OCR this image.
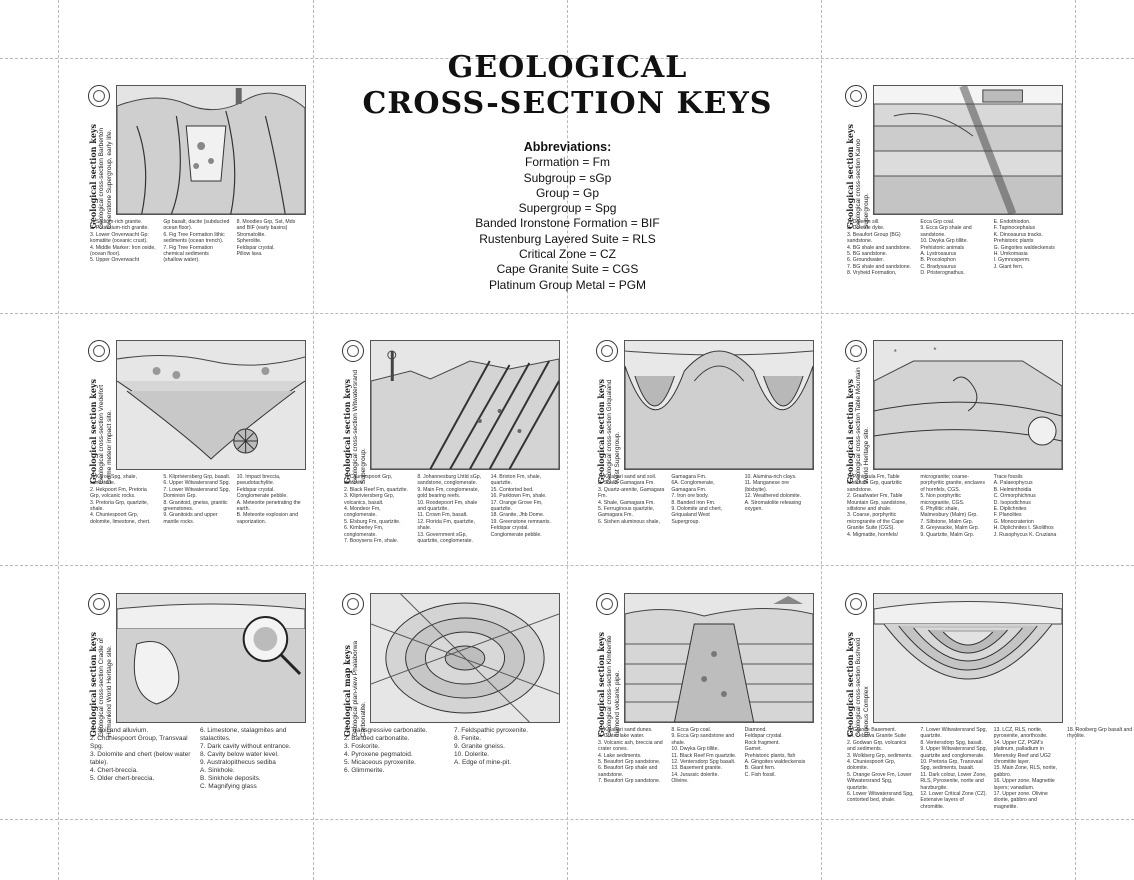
GEOLOGICAL
CROSS-SECTION KEYS
Abbreviations:
Formation = Fm
Subgroup = sGp
Group = Gp
Supergroup = Spg
Banded Ironstone Formation = BIF
Rustenburg Layered Suite = RLS
Critical Zone = CZ
Cape Granite Suite = CGS
Platinum Group Metal = PGM
Geological section keys Geological cross-section Barberton Greenstone Supergroup, early life.
1. Sodium-rich granite.
2. Potassium-rich granite.
3. Lower Onverwacht Gp: komatiite (oceanic crust).
4. Middle Marker: Iron oxide, (ocean floor).
5. Upper Onverwacht
Gp basalt, dacite (subducted ocean floor).
6. Fig Tree Formation lithic sediments (ocean trench).
7. Fig Tree Formation chemical sediments
(shallow water).
8. Moodies Grp, Sst, Mds and BIF (early basins)
Stromatolite.
Spherolite.
Feldspar crystal.
Pillow lava.
Geological section keys Geological cross-section Karoo Supergroup.
1. Dolerite sill.
2. Dolerite dyke.
3. Beaufort Group (BG) sandstone.
4. BG shale and sandstone.
5. BG sandstone.
6. Groundwater.
7. BG shale and sandstone.
8. Vryheid Formation,
Ecca Grp coal.
9. Ecca Grp shale and sandstone.
10. Dwyka Grp tillite.
Prehistoric animals
A. Lystrosaurus
B. Procolophon
C. Bradysaurus
D. Pristerognathus.
E. Endothiodon.
F. Tapinocephalus
K. Dinosaurus tracks.
Prehistoric plants
G. Gingoites waldeckensis
H. Umkomasia
I. Gymnosperm.
J. Giant fern.
Geological section keys Geological cross-section Vredefort Dome meteor impact site.
1. Karoo Spg, shale, sandstone.
2. Hekpoort Fm, Pretoria Grp, volcanic rocks.
3. Pretoria Grp, quartzite, shale.
4. Chuniespoort Grp, dolomite, limestone, chert.
5. Klipriviersberg Grp, basalt.
6. Upper Witwatersrand Spg.
7. Lower Witwatersrand Spg, Dominion Grp.
8. Granitoid, gneiss, granitic greenstones.
9. Granitoids and upper mantle rocks.
10. Impact breccia, pseudotachylite.
Feldspar crystal.
Conglomerate pebble.
A. Meteorite penetrating the earth.
B. Meteorite explosion and vaporization.
Geological section keys Geological cross-section Witwatersrand Supergroup.
1. Chuniespoort Grp, dolomite.
2. Black Reef Fm, quartzite.
3. Klipriviersberg Grp, volcanics, basalt.
4. Mondeor Fm, conglomerate.
5. Elsburg Fm, quartzite.
6. Kimberley Fm, conglomerate.
7. Booysens Fm, shale.
8. Johannesburg Lhtld sGp, sandstone, conglomerate.
9. Main Fm, conglomerate, gold bearing reefs.
10. Roodepoort Fm, shale and quartzite.
11. Crown Fm, basalt.
12. Florida Fm, quartzite, shale.
13. Government sGp, quartzite, conglomerate.
14. Brixton Fm, shale, quartzite.
15. Contorted bed.
16. Parktown Fm, shale.
17. Orange Grove Fm, quartzite.
18. Granite, Jhb Dome.
19. Greenstone remnants.
Feldspar crystal.
Conglomerate pebble.
Geological section keys Geological cross-section Griqualand West Supergroup.
1. Kalahari sand and soil.
2. Shale, Gamagara Fm.
3. Quartz-arenite, Gamagara Fm.
4. Shale, Gamagara Fm.
5. Ferruginous quartzite, Gamagara Fm.
6. Sishen aluminous shale,
Gamagara Fm.
6A. Conglomerate, Gamagara Fm.
7. Iron ore body.
8. Banded iron Fm.
9. Dolomite and chert, Griqualand West Supergroup.
10. Alumina-rich clays.
11. Manganese ore (bixbyite).
12. Weathered dolomite.
A. Stromatolite releasing oxygen.
Geological section keys Geological cross-section Table Mountain World Heritage site.
*	*
1. Peninsula Fm, Table Mountain Grp, quartzitic sandstone.
2. Graafwater Fm, Table Mountain Grp, sandstone, siltstone and shale.
3. Coarse, porphyritic microgranite of the Cape Granite Suite (CGS).
4. Migmatite, hornfels/
microgranite; coarse-porphyritic granite, enclaves of hornfels, CGS.
5. Non porphyritic microgranite, CGS.
6. Phyllitic shale, Malmesbury (Malm) Grp.
7. Siltstone, Malm Grp.
8. Greywacke, Malm Grp.
9. Quartzite, Malm Grp.
Trace fossils
A. Palaeophycus
B. Helminthoidia
C. Ormorphichnus
D. Isopodichnus
E. Diplichnites
F. Planolites
G. Monocraterion
H. Diplichnites t. Skolithos
J. Rusophycus K. Cruziana
Geological section keys Geological cross-section Cradle of Humankind World Heritage site.
1. Soil and alluvium.
2. Chuniespoort Group, Transvaal Spg.
3. Dolomite and chert (below water table).
4. Chert-breccia.
5. Older chert-breccia.
6. Limestone, stalagmites and stalactites.
7. Dark cavity without entrance.
8. Cavity below water level.
9. Australopithecus sediba
A. Sinkhole.
B. Sinkhole deposits.
C. Magnifying glass
Geological map keys Geological plan-view Phalaborwa Carbonatite.
1. Transgressive carbonatite.
2. Banded carbonatite.
3. Foskorite.
4. Pyroxene pegmatoid.
5. Micaceous pyroxenite.
6. Glimmerite.
7. Feldspathic pyroxenite.
8. Fenite.
9. Granite gneiss.
10. Dolerite.
A. Edge of mine-pit.
Geological section keys Geological cross-section Kimberlite diamond volcanic pipe.
1. Kalahari sand dunes.
2. Crater lake water.
3. Volcanic ash, breccia and crater cones.
4. Lake sediments.
5. Beaufort Grp sandstone.
6. Beaufort Grp shale and sandstone.
7. Beaufort Grp sandstone.
8. Ecca Grp coal.
9. Ecca Grp sandstone and shale.
10. Dwyka Grp tillite.
11. Black Reef Fm quartzite.
12. Ventersdorp Spg basalt.
13. Basement granite.
14. Jurassic dolerite.
Olivine.
Diamond.
Feldspar crystal.
Rock fragment.
Garnet.
Prehistoric plants, fish
A. Gingoites waldeckensis
B. Giant fern.
C. Fish fossil.
Geological section keys Geological cross-section Bushveld Igneous Complex
1. Granite Basement.
1A. Lebowa Granite Suite
2. Godwan Grp, volcanics and sediments.
3. Wolkberg Grp, sediments.
4. Chuniespoort Grp, dolomite.
5. Orange Grove Fm, Lower Witwatersrand Spg, quartzite.
6. Lower Witwatersrand Spg, contorted bed, shale.
7. Lower Witwatersrand Spg, quartzite.
8. Ventersdorp Spg, basalt.
9. Upper Witwatersrand Spg, quartzite and conglomerate.
10. Pretoria Grp, Transvaal Spg, sediments, basalt.
11. Dark colour, Lower Zone, RLS, Pyroxenite, norite and harzburgite.
12. Lower Critical Zone (CZ). Extensive layers of chromitite.
13. LCZ, RLS, norite, pyroxenite, anorthosite.
14. Upper CZ, PGM's platinum, palladium in Merensky Reef and UG2 chromitite layer.
15. Main Zone, RLS, norite, gabbro.
16. Upper zone. Magnetite layers; vanadium.
17. Upper zone. Olivine diorite, gabbro and magnetite.
18. Rooiberg Grp basalt and rhyolite.
